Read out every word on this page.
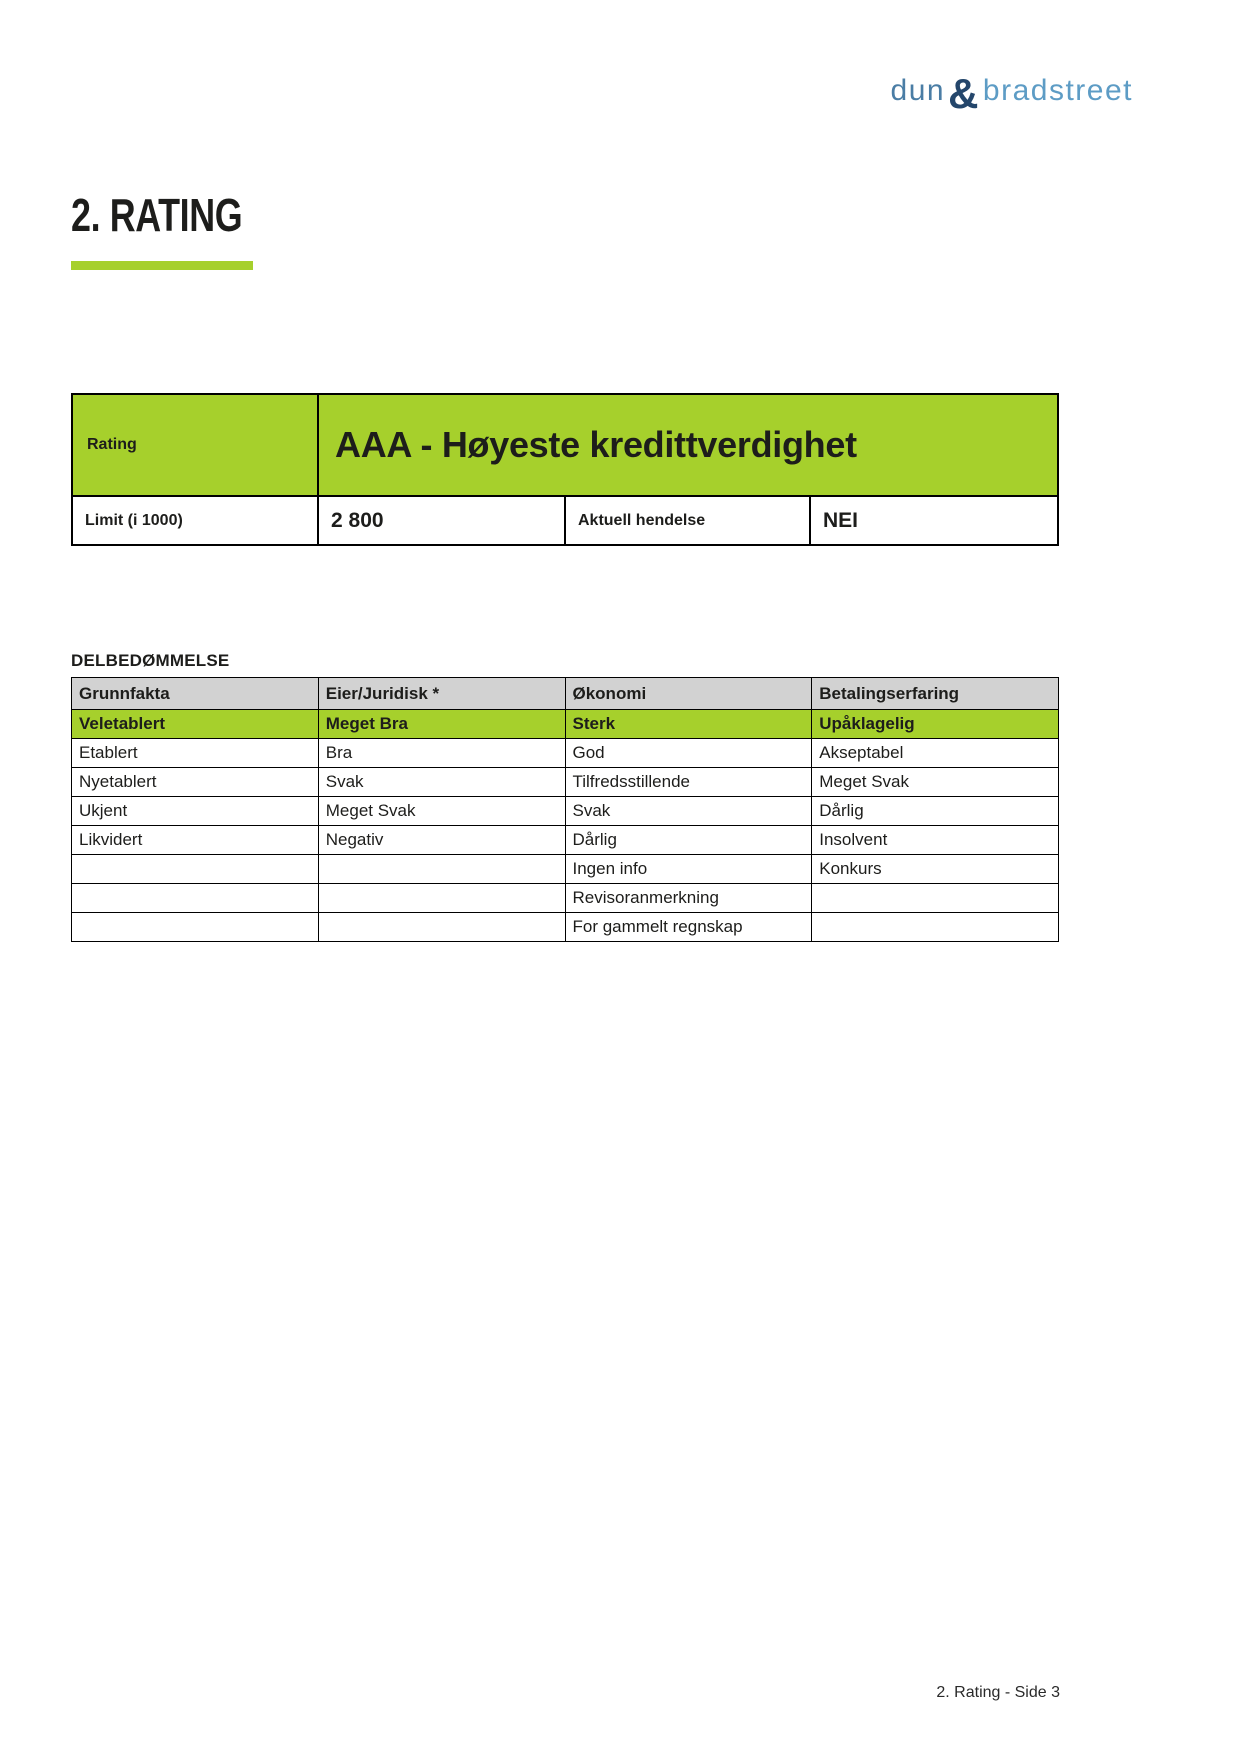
dun & bradstreet
2. RATING
Rating	AAA - Høyeste kredittverdighet
Limit (i 1000)	2 800	Aktuell hendelse	NEI
DELBEDØMMELSE
Grunnfakta	Eier/Juridisk *	Økonomi	Betalingserfaring
Veletablert	Meget Bra	Sterk	Upåklagelig
Etablert	Bra	God	Akseptabel
Nyetablert	Svak	Tilfredsstillende	Meget Svak
Ukjent	Meget Svak	Svak	Dårlig
Likvidert	Negativ	Dårlig	Insolvent
		Ingen info	Konkurs
		Revisoranmerkning	
		For gammelt regnskap	
2. Rating - Side 3
